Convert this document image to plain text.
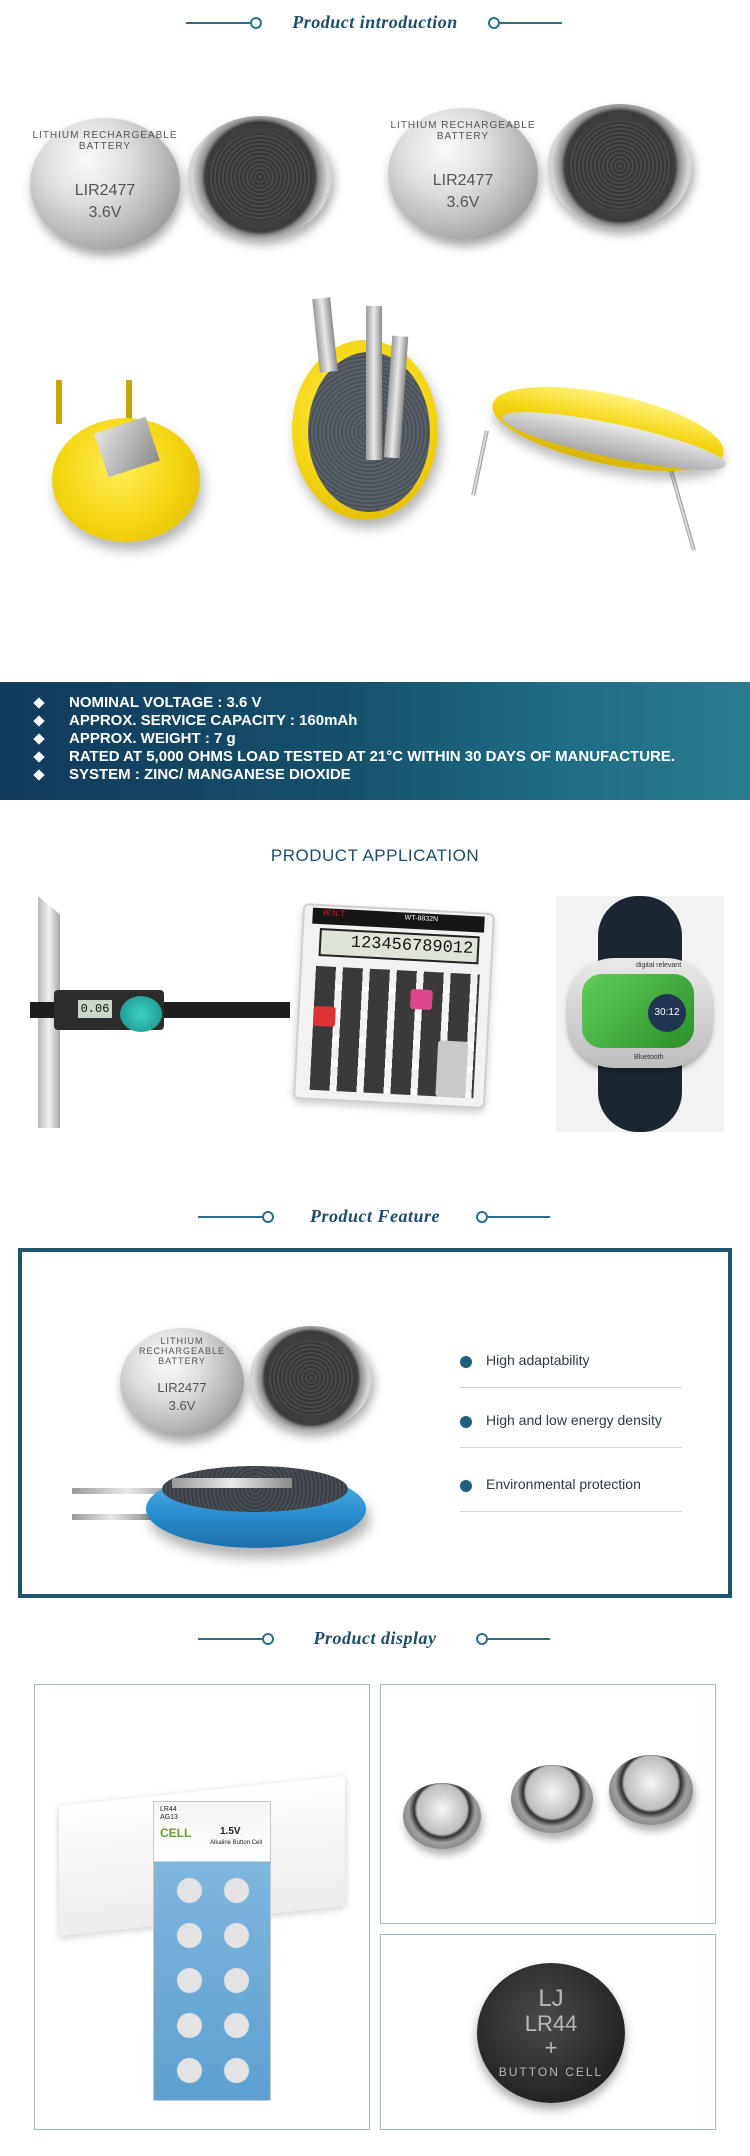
Product introduction
LITHIUM RECHARGEABLE BATTERY
LIR2477
3.6V
LITHIUM RECHARGEABLE BATTERY
LIR2477
3.6V
NOMINAL VOLTAGE : 3.6 V
APPROX. SERVICE CAPACITY : 160mAh
APPROX. WEIGHT : 7 g
RATED AT 5,000 OHMS LOAD TESTED AT 21°C WITHIN 30 DAYS OF MANUFACTURE.
SYSTEM : ZINC/ MANGANESE DIOXIDE
PRODUCT APPLICATION
0.06
W.N.T
WT-8832N
123456789012
digital relevant
30:12
Bluetooth
Product Feature
LITHIUM RECHARGEABLE BATTERY
LIR2477
3.6V
High adaptability
High and low energy density
Environmental protection
Product display
LR44
AG13
CELL	1.5V
Alkaline Button Cell
LJ
LR44
+
BUTTON CELL
